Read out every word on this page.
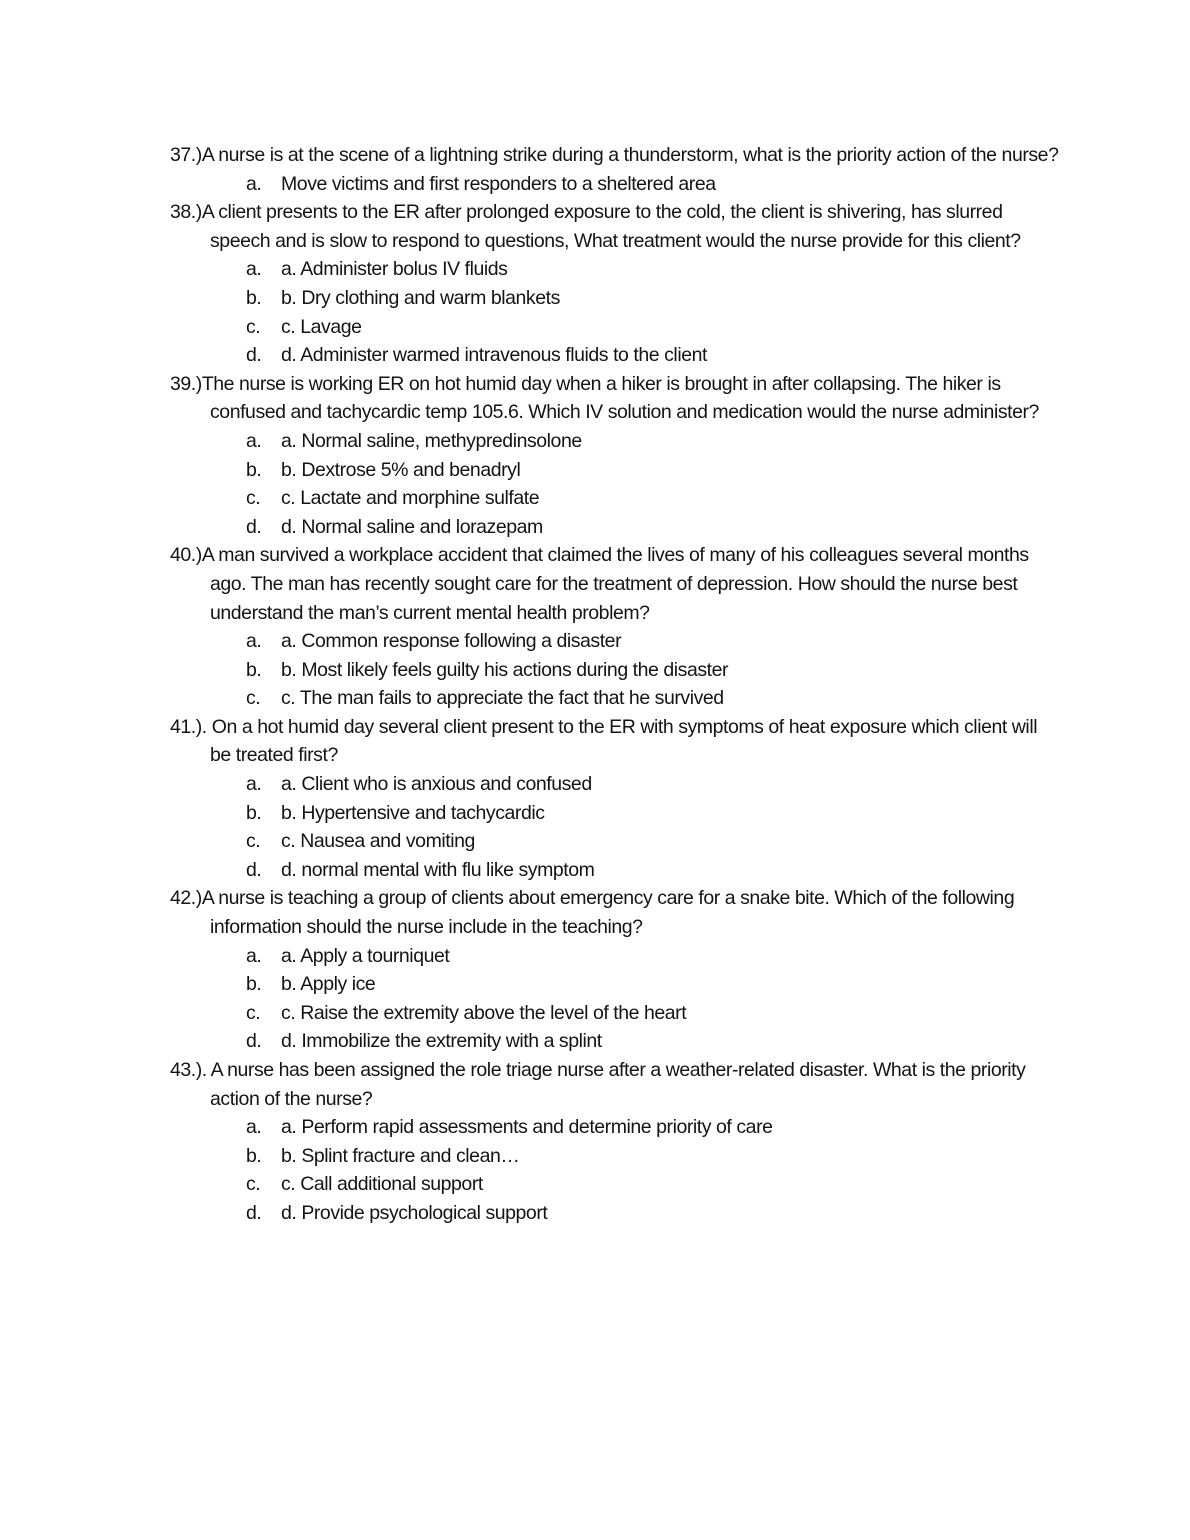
37.)A nurse is at the scene of a lightning strike during a thunderstorm, what is the priority action of the nurse?

a.	Move victims and first responders to a sheltered area

38.)A client presents to the ER after prolonged exposure to the cold, the client is shivering, has slurred speech and is slow to respond to questions, What treatment would the nurse provide for this client?

a.	a. Administer bolus IV fluids
b.	b. Dry clothing and warm blankets
c.	c. Lavage
d.	d. Administer warmed intravenous fluids to the client

39.)The nurse is working ER on hot humid day when a hiker is brought in after collapsing. The hiker is confused and tachycardic temp 105.6. Which IV solution and medication would the nurse administer?

a.	a. Normal saline, methypredinsolone
b.	b. Dextrose 5% and benadryl
c.	c. Lactate and morphine sulfate
d.	d. Normal saline and lorazepam

40.)A man survived a workplace accident that claimed the lives of many of his colleagues several months ago. The man has recently sought care for the treatment of depression. How should the nurse best understand the man’s current mental health problem?

a.	a. Common response following a disaster
b.	b. Most likely feels guilty his actions during the disaster
c.	c. The man fails to appreciate the fact that he survived

41.). On a hot humid day several client present to the ER with symptoms of heat exposure which client will be treated first?

a.	a. Client who is anxious and confused
b.	b. Hypertensive and tachycardic
c.	c. Nausea and vomiting
d.	d. normal mental with flu like symptom

42.)A nurse is teaching a group of clients about emergency care for a snake bite. Which of the following information should the nurse include in the teaching?

a.	a. Apply a tourniquet
b.	b. Apply ice
c.	c. Raise the extremity above the level of the heart
d.	d. Immobilize the extremity with a splint

43.). A nurse has been assigned the role triage nurse after a weather-related disaster. What is the priority action of the nurse?

a.	a. Perform rapid assessments and determine priority of care
b.	b. Splint fracture and clean…
c.	c. Call additional support
d.	d. Provide psychological support
